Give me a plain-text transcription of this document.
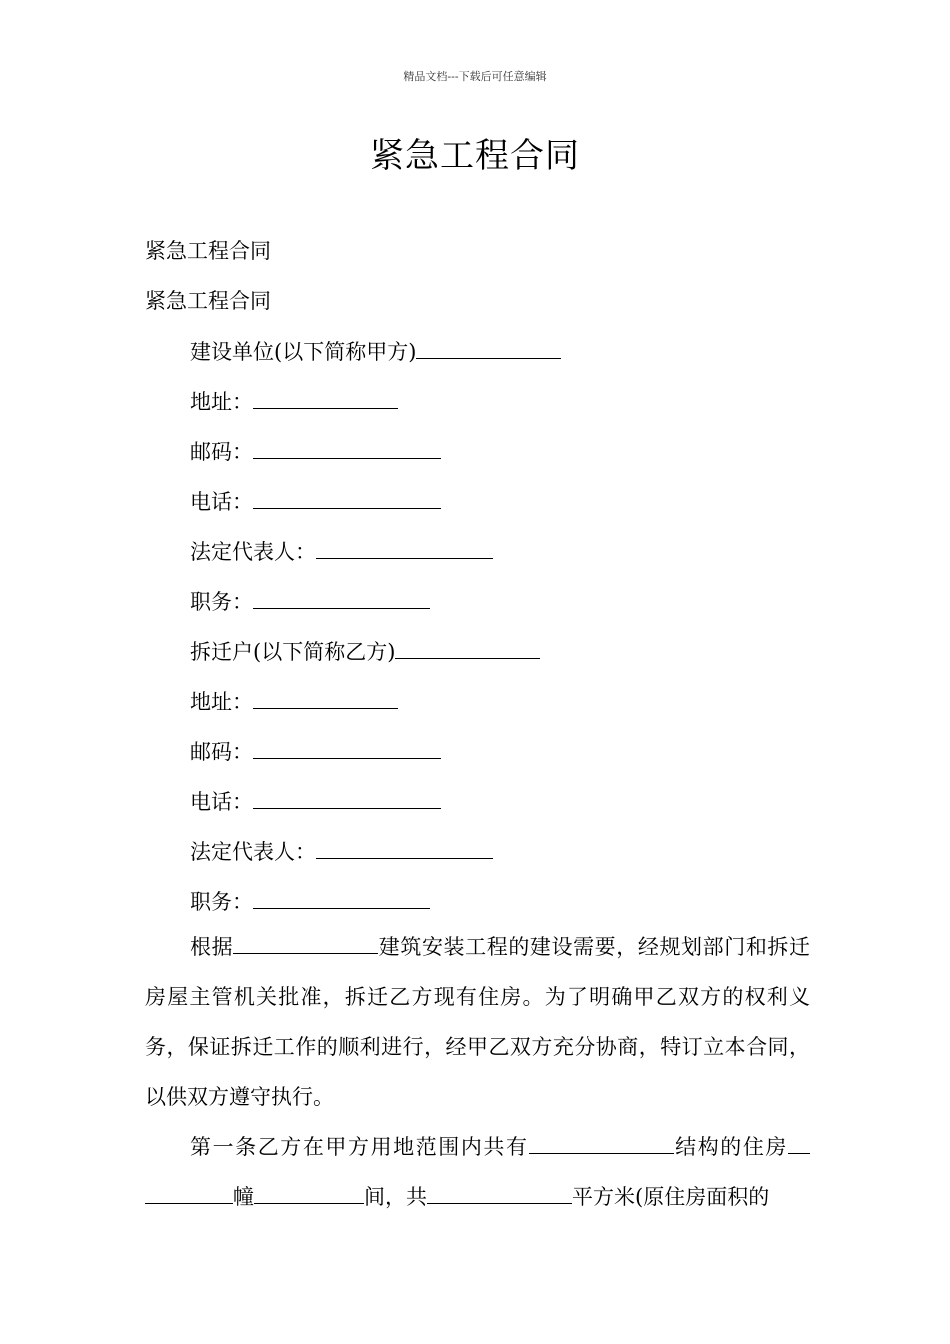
精品文档---下载后可任意编辑
紧急工程合同
紧急工程合同
紧急工程合同
建设单位(以下简称甲方)
地址：
邮码：
电话：
法定代表人：
职务：
拆迁户(以下简称乙方)
地址：
邮码：
电话：
法定代表人：
职务：
根据	建筑安装工程的建设需要，经规划部门和拆迁房屋主管机关批准，拆迁乙方现有住房。为了明确甲乙双方的权利义务，保证拆迁工作的顺利进行，经甲乙双方充分协商，特订立本合同，以供双方遵守执行。
第一条乙方在甲方用地范围内共有	结构的住房幢	间，共	平方米(原住房面积的
